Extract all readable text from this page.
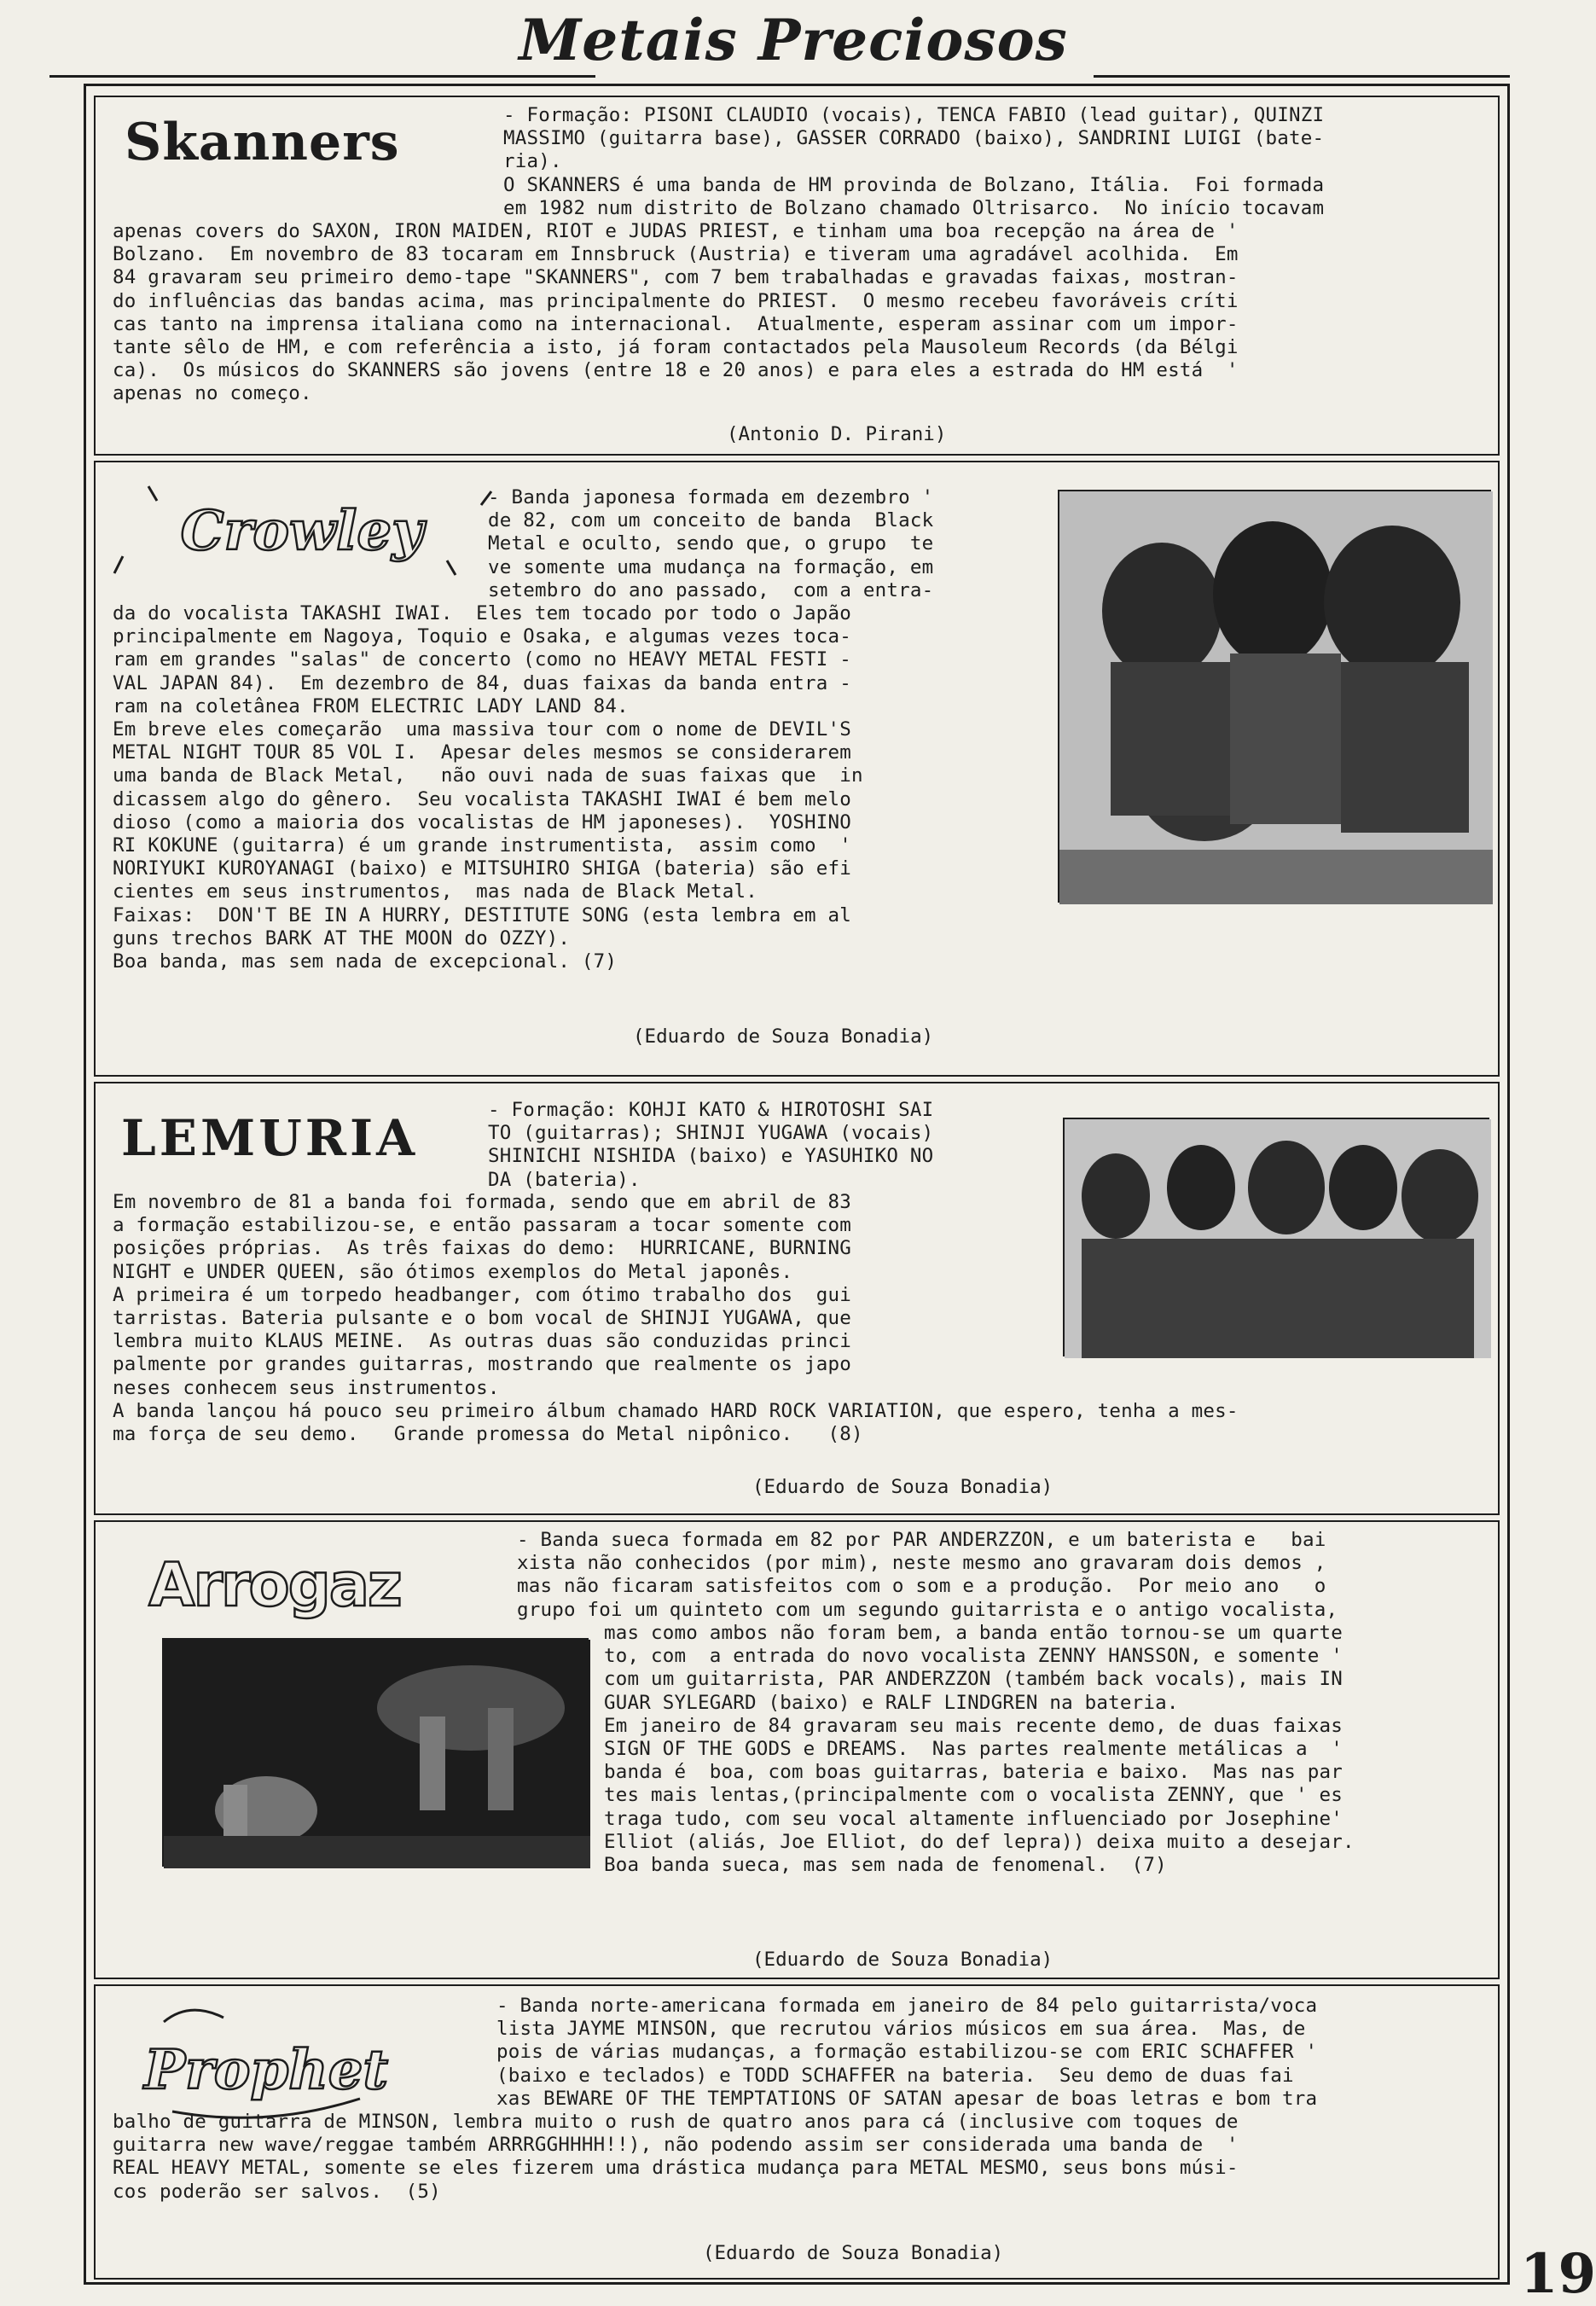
Metais Preciosos
Skanners	- Formação: PISONI CLAUDIO (vocais), TENCA FABIO (lead guitar), QUINZI
MASSIMO (guitarra base), GASSER CORRADO (baixo), SANDRINI LUIGI (bate-
ria).
O SKANNERS é uma banda de HM provinda de Bolzano, Itália.  Foi formada
em 1982 num distrito de Bolzano chamado Oltrisarco.  No início tocavam
apenas covers do SAXON, IRON MAIDEN, RIOT e JUDAS PRIEST, e tinham uma boa recepção na área de '
Bolzano.  Em novembro de 83 tocaram em Innsbruck (Austria) e tiveram uma agradável acolhida.  Em
84 gravaram seu primeiro demo-tape "SKANNERS", com 7 bem trabalhadas e gravadas faixas, mostran-
do influências das bandas acima, mas principalmente do PRIEST.  O mesmo recebeu favoráveis críti
cas tanto na imprensa italiana como na internacional.  Atualmente, esperam assinar com um impor-
tante sêlo de HM, e com referência a isto, já foram contactados pela Mausoleum Records (da Bélgi
ca).  Os músicos do SKANNERS são jovens (entre 18 e 20 anos) e para eles a estrada do HM está  '
apenas no começo.
(Antonio D. Pirani)
Crowley
- Banda japonesa formada em dezembro '
de 82, com um conceito de banda  Black
Metal e oculto, sendo que, o grupo  te
ve somente uma mudança na formação, em
setembro do ano passado,  com a entra-
da do vocalista TAKASHI IWAI.  Eles tem tocado por todo o Japão
principalmente em Nagoya, Toquio e Osaka, e algumas vezes toca-
ram em grandes "salas" de concerto (como no HEAVY METAL FESTI -
VAL JAPAN 84).  Em dezembro de 84, duas faixas da banda entra -
ram na coletânea FROM ELECTRIC LADY LAND 84.
Em breve eles começarão  uma massiva tour com o nome de DEVIL'S
METAL NIGHT TOUR 85 VOL I.  Apesar deles mesmos se considerarem
uma banda de Black Metal,   não ouvi nada de suas faixas que  in
dicassem algo do gênero.  Seu vocalista TAKASHI IWAI é bem melo
dioso (como a maioria dos vocalistas de HM japoneses).  YOSHINO
RI KOKUNE (guitarra) é um grande instrumentista,  assim como  '
NORIYUKI KUROYANAGI (baixo) e MITSUHIRO SHIGA (bateria) são efi
cientes em seus instrumentos,  mas nada de Black Metal.
Faixas:  DON'T BE IN A HURRY, DESTITUTE SONG (esta lembra em al
guns trechos BARK AT THE MOON do OZZY).
Boa banda, mas sem nada de excepcional. (7)
(Eduardo de Souza Bonadia)
LEMURIA	- Formação: KOHJI KATO & HIROTOSHI SAI
TO (guitarras); SHINJI YUGAWA (vocais)
SHINICHI NISHIDA (baixo) e YASUHIKO NO
DA (bateria).
Em novembro de 81 a banda foi formada, sendo que em abril de 83
a formação estabilizou-se, e então passaram a tocar somente com
posições próprias.  As três faixas do demo:  HURRICANE, BURNING
NIGHT e UNDER QUEEN, são ótimos exemplos do Metal japonês.
A primeira é um torpedo headbanger, com ótimo trabalho dos  gui
tarristas. Bateria pulsante e o bom vocal de SHINJI YUGAWA, que
lembra muito KLAUS MEINE.  As outras duas são conduzidas princi
palmente por grandes guitarras, mostrando que realmente os japo
neses conhecem seus instrumentos.
A banda lançou há pouco seu primeiro álbum chamado HARD ROCK VARIATION, que espero, tenha a mes-
ma força de seu demo.   Grande promessa do Metal nipônico.   (8)
(Eduardo de Souza Bonadia)
Arrogaz
- Banda sueca formada em 82 por PAR ANDERZZON, e um baterista e   bai
xista não conhecidos (por mim), neste mesmo ano gravaram dois demos ,
mas não ficaram satisfeitos com o som e a produção.  Por meio ano   o
grupo foi um quinteto com um segundo guitarrista e o antigo vocalista,
mas como ambos não foram bem, a banda então tornou-se um quarte
to, com  a entrada do novo vocalista ZENNY HANSSON, e somente '
com um guitarrista, PAR ANDERZZON (também back vocals), mais IN
GUAR SYLEGARD (baixo) e RALF LINDGREN na bateria.
Em janeiro de 84 gravaram seu mais recente demo, de duas faixas
SIGN OF THE GODS e DREAMS.  Nas partes realmente metálicas a  '
banda é  boa, com boas guitarras, bateria e baixo.  Mas nas par
tes mais lentas,(principalmente com o vocalista ZENNY, que ' es
traga tudo, com seu vocal altamente influenciado por Josephine'
Elliot (aliás, Joe Elliot, do def lepra)) deixa muito a desejar.
Boa banda sueca, mas sem nada de fenomenal.  (7)
(Eduardo de Souza Bonadia)
Prophet
- Banda norte-americana formada em janeiro de 84 pelo guitarrista/voca
lista JAYME MINSON, que recrutou vários músicos em sua área.  Mas, de
pois de várias mudanças, a formação estabilizou-se com ERIC SCHAFFER '
(baixo e teclados) e TODD SCHAFFER na bateria.  Seu demo de duas fai
xas BEWARE OF THE TEMPTATIONS OF SATAN apesar de boas letras e bom tra
balho de guitarra de MINSON, lembra muito o rush de quatro anos para cá (inclusive com toques de
guitarra new wave/reggae também ARRRGGHHHH!!), não podendo assim ser considerada uma banda de  '
REAL HEAVY METAL, somente se eles fizerem uma drástica mudança para METAL MESMO, seus bons músi-
cos poderão ser salvos.  (5)
(Eduardo de Souza Bonadia)	19
